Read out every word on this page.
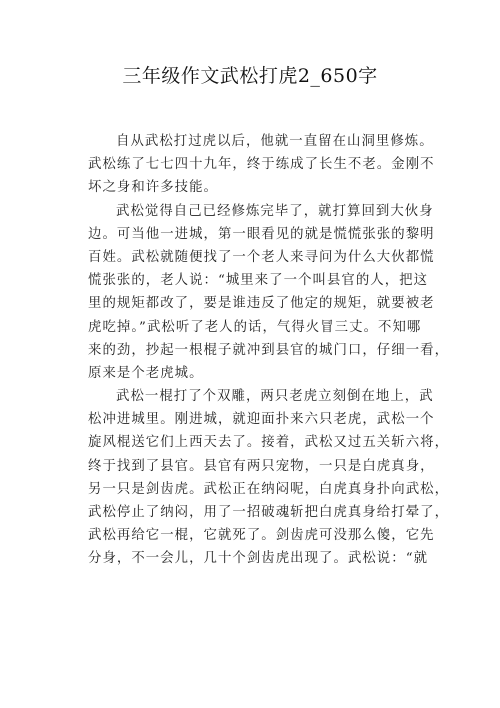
三年级作文武松打虎2_650字
自从武松打过虎以后，他就一直留在山洞里修炼。
武松练了七七四十九年，终于练成了长生不老。金刚不
坏之身和许多技能。
武松觉得自己已经修炼完毕了，就打算回到大伙身
边。可当他一进城，第一眼看见的就是慌慌张张的黎明
百姓。武松就随便找了一个老人来寻问为什么大伙都慌
慌张张的，老人说：“城里来了一个叫县官的人，把这
里的规矩都改了，要是谁违反了他定的规矩，就要被老
虎吃掉。”武松听了老人的话，气得火冒三丈。不知哪
来的劲，抄起一根棍子就冲到县官的城门口，仔细一看，
原来是个老虎城。
武松一棍打了个双雕，两只老虎立刻倒在地上，武
松冲进城里。刚进城，就迎面扑来六只老虎，武松一个
旋风棍送它们上西天去了。接着，武松又过五关斩六将，
终于找到了县官。县官有两只宠物，一只是白虎真身，
另一只是剑齿虎。武松正在纳闷呢，白虎真身扑向武松，
武松停止了纳闷，用了一招破魂斩把白虎真身给打晕了，
武松再给它一棍，它就死了。剑齿虎可没那么傻，它先
分身，不一会儿，几十个剑齿虎出现了。武松说：“就
